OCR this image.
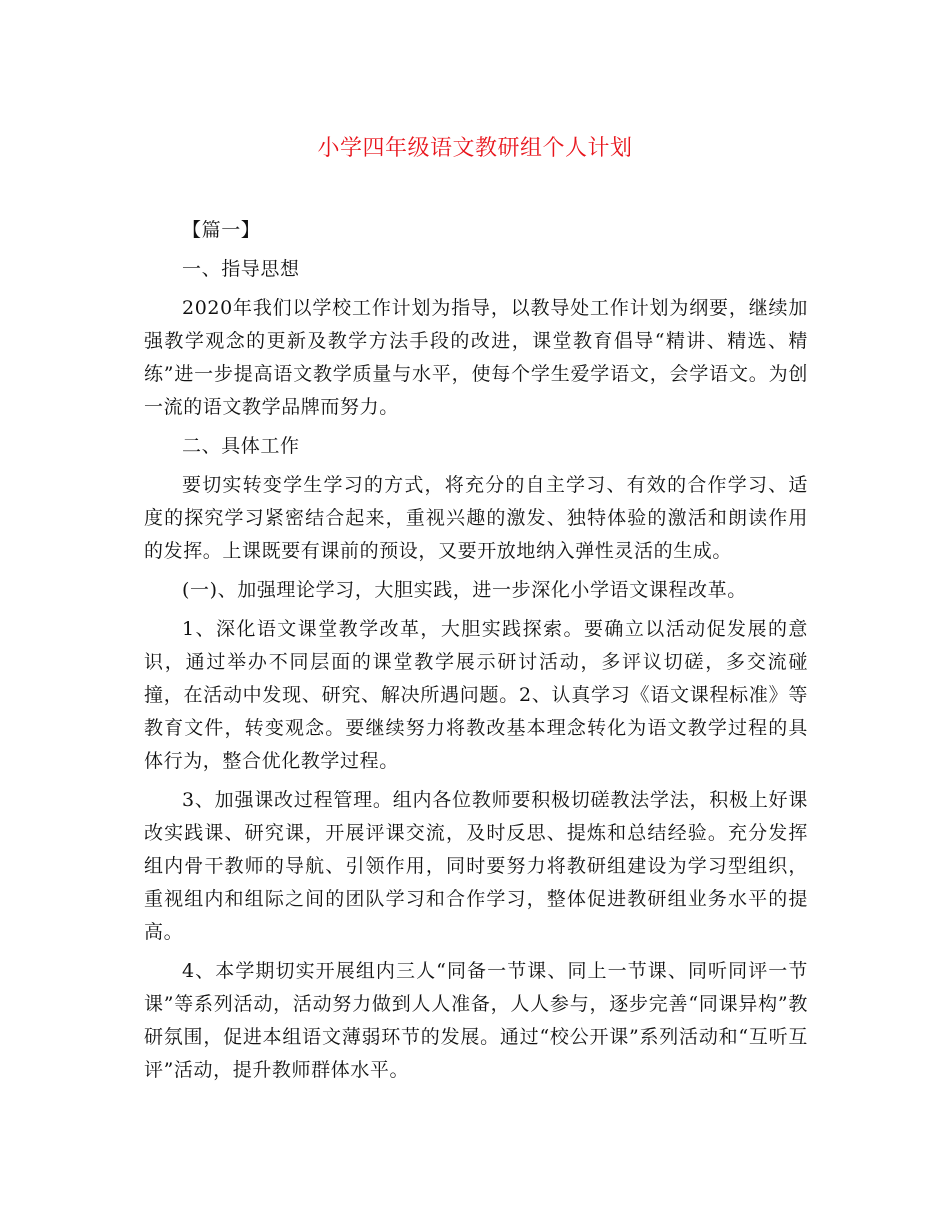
小学四年级语文教研组个人计划

【篇一】

一、指导思想

2020年我们以学校工作计划为指导，以教导处工作计划为纲要，继续加强教学观念的更新及教学方法手段的改进，课堂教育倡导“精讲、精选、精练”进一步提高语文教学质量与水平，使每个学生爱学语文，会学语文。为创一流的语文教学品牌而努力。

二、具体工作

要切实转变学生学习的方式，将充分的自主学习、有效的合作学习、适度的探究学习紧密结合起来，重视兴趣的激发、独特体验的激活和朗读作用的发挥。上课既要有课前的预设，又要开放地纳入弹性灵活的生成。

(一)、加强理论学习，大胆实践，进一步深化小学语文课程改革。

1、深化语文课堂教学改革，大胆实践探索。要确立以活动促发展的意识，通过举办不同层面的课堂教学展示研讨活动，多评议切磋，多交流碰撞，在活动中发现、研究、解决所遇问题。2、认真学习《语文课程标准》等教育文件，转变观念。要继续努力将教改基本理念转化为语文教学过程的具体行为，整合优化教学过程。

3、加强课改过程管理。组内各位教师要积极切磋教法学法，积极上好课改实践课、研究课，开展评课交流，及时反思、提炼和总结经验。充分发挥组内骨干教师的导航、引领作用，同时要努力将教研组建设为学习型组织，重视组内和组际之间的团队学习和合作学习，整体促进教研组业务水平的提高。

4、本学期切实开展组内三人“同备一节课、同上一节课、同听同评一节课”等系列活动，活动努力做到人人准备，人人参与，逐步完善“同课异构”教研氛围，促进本组语文薄弱环节的发展。通过“校公开课”系列活动和“互听互评”活动，提升教师群体水平。
